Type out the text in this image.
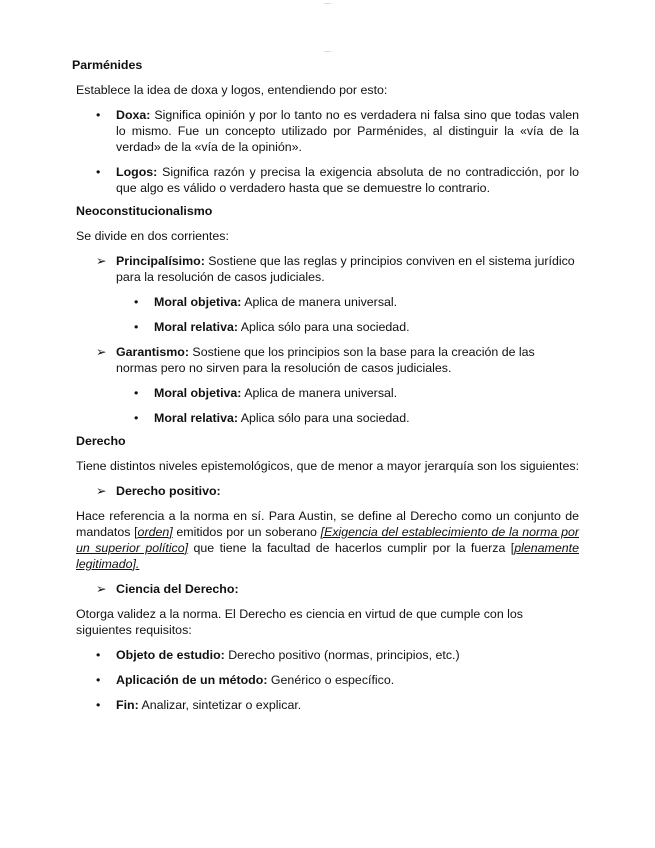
-----
-----
Parménides
Establece la idea de doxa y logos, entendiendo por esto:
• Doxa: Significa opinión y por lo tanto no es verdadera ni falsa sino que todas valen lo mismo. Fue un concepto utilizado por Parménides, al distinguir la «vía de la verdad» de la «vía de la opinión».
• Logos: Significa razón y precisa la exigencia absoluta de no contradicción, por lo que algo es válido o verdadero hasta que se demuestre lo contrario.
Neoconstitucionalismo
Se divide en dos corrientes:
➢ Principalísimo: Sostiene que las reglas y principios conviven en el sistema jurídico para la resolución de casos judiciales.
• Moral objetiva: Aplica de manera universal.
• Moral relativa: Aplica sólo para una sociedad.
➢ Garantismo: Sostiene que los principios son la base para la creación de las normas pero no sirven para la resolución de casos judiciales.
• Moral objetiva: Aplica de manera universal.
• Moral relativa: Aplica sólo para una sociedad.
Derecho
Tiene distintos niveles epistemológicos, que de menor a mayor jerarquía son los siguientes:
➢ Derecho positivo:
Hace referencia a la norma en sí. Para Austin, se define al Derecho como un conjunto de mandatos [orden] emitidos por un soberano [Exigencia del establecimiento de la norma por un superior político] que tiene la facultad de hacerlos cumplir por la fuerza [plenamente legitimado].
➢ Ciencia del Derecho:
Otorga validez a la norma. El Derecho es ciencia en virtud de que cumple con los siguientes requisitos:
• Objeto de estudio: Derecho positivo (normas, principios, etc.)
• Aplicación de un método: Genérico o específico.
• Fin: Analizar, sintetizar o explicar.
